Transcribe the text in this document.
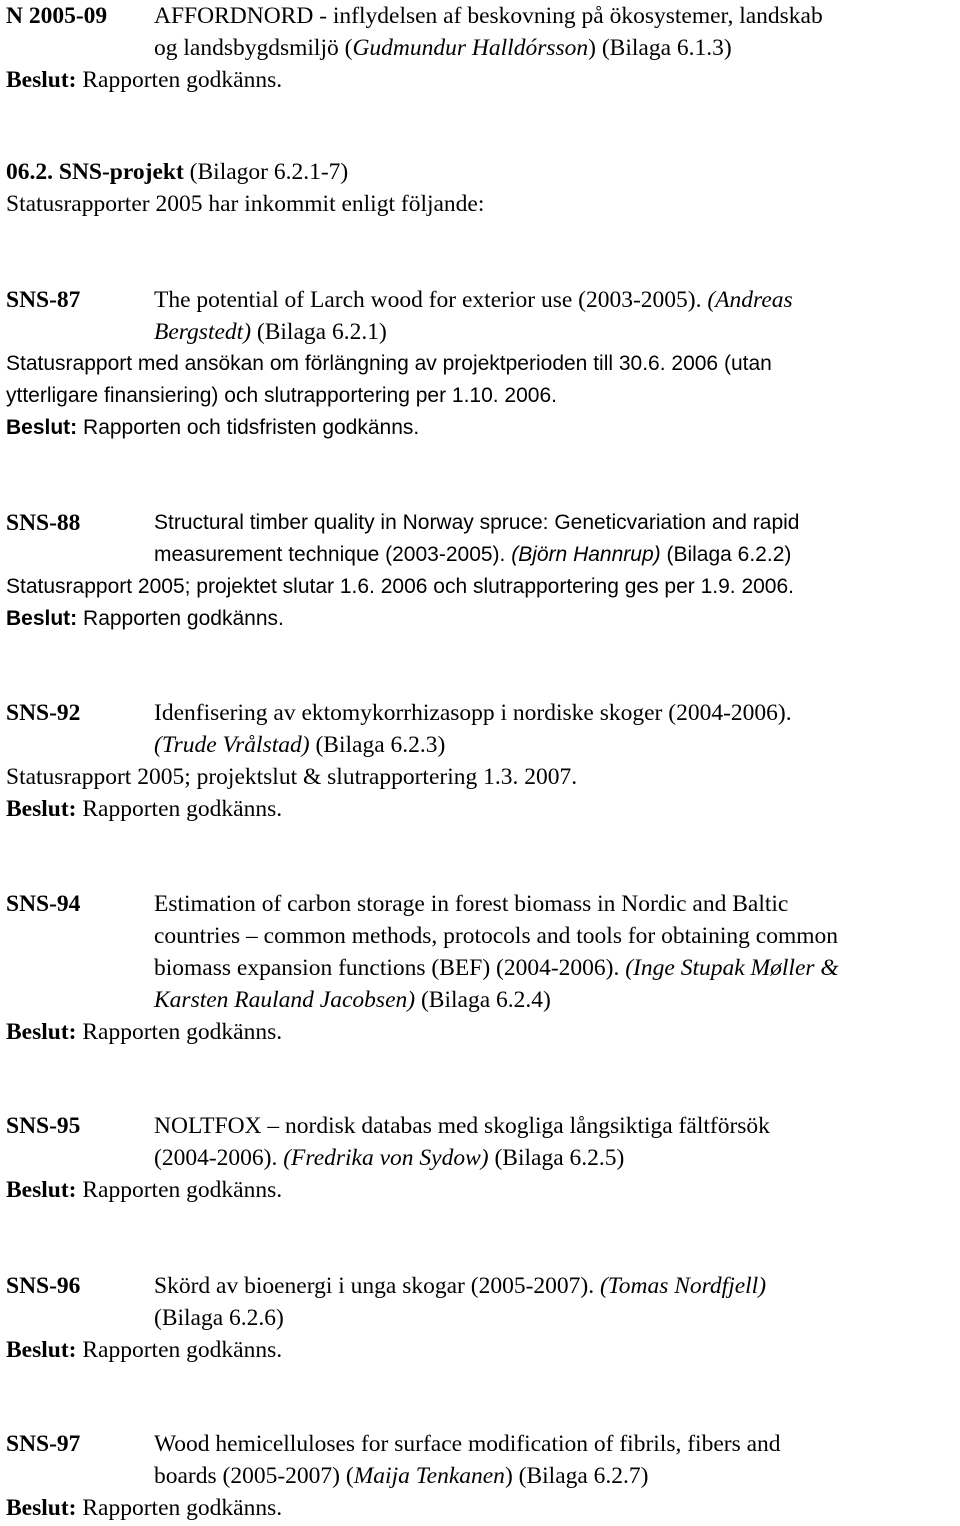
N 2005-09 AFFORDNORD - inflydelsen af beskovning på ökosystemer, landskab
og landsbygdsmiljö (Gudmundur Halldórsson) (Bilaga 6.1.3)
Beslut: Rapporten godkänns.
06.2. SNS-projekt (Bilagor 6.2.1-7)
Statusrapporter 2005 har inkommit enligt följande:
SNS-87	The potential of Larch wood for exterior use (2003-2005). (Andreas
Bergstedt) (Bilaga 6.2.1)
Statusrapport med ansökan om förlängning av projektperioden till 30.6. 2006 (utan
ytterligare finansiering) och slutrapportering per 1.10. 2006.
Beslut: Rapporten och tidsfristen godkänns.
SNS-88	Structural timber quality in Norway spruce: Geneticvariation and rapid
measurement technique (2003-2005). (Björn Hannrup) (Bilaga 6.2.2)
Statusrapport 2005; projektet slutar 1.6. 2006 och slutrapportering ges per 1.9. 2006.
Beslut: Rapporten godkänns.
SNS-92	Idenfisering av ektomykorrhizasopp i nordiske skoger (2004-2006).
(Trude Vrålstad) (Bilaga 6.2.3)
Statusrapport 2005; projektslut & slutrapportering 1.3. 2007.
Beslut: Rapporten godkänns.
SNS-94	Estimation of carbon storage in forest biomass in Nordic and Baltic
countries – common methods, protocols and tools for obtaining common
biomass expansion functions (BEF) (2004-2006). (Inge Stupak Møller &
Karsten Rauland Jacobsen) (Bilaga 6.2.4)
Beslut: Rapporten godkänns.
SNS-95	NOLTFOX – nordisk databas med skogliga långsiktiga fältförsök
(2004-2006). (Fredrika von Sydow) (Bilaga 6.2.5)
Beslut: Rapporten godkänns.
SNS-96	Skörd av bioenergi i unga skogar (2005-2007). (Tomas Nordfjell)
(Bilaga 6.2.6)
Beslut: Rapporten godkänns.
SNS-97	Wood hemicelluloses for surface modification of fibrils, fibers and
boards (2005-2007) (Maija Tenkanen) (Bilaga 6.2.7)
Beslut: Rapporten godkänns.
